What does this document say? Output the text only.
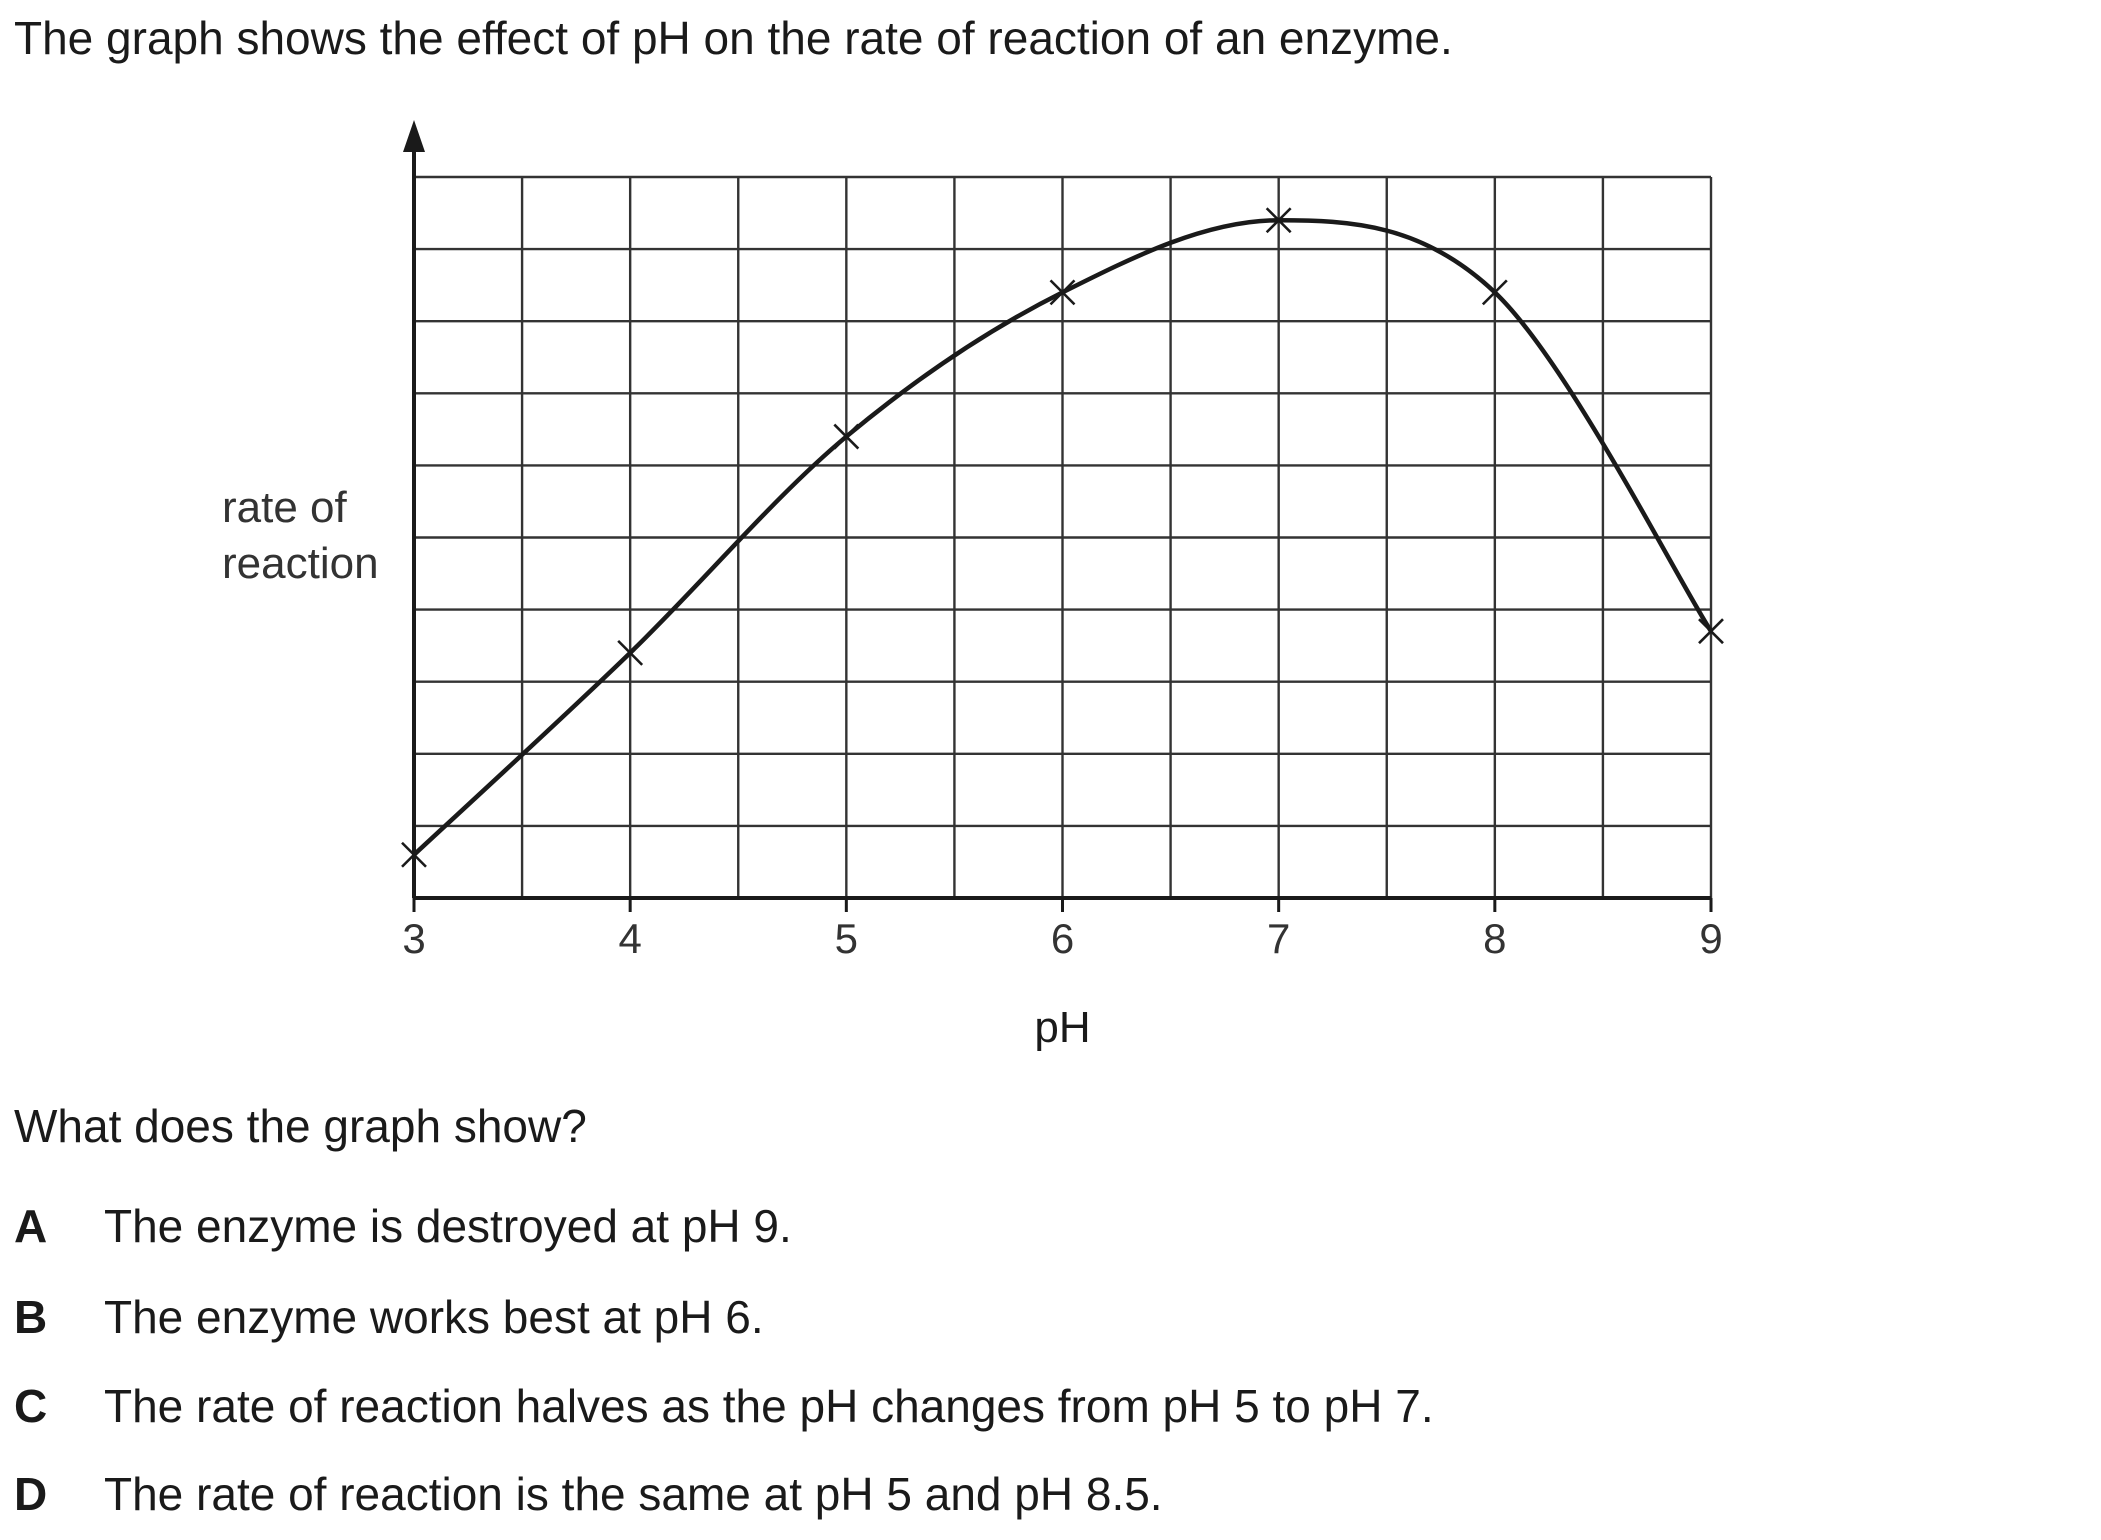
The graph shows the effect of pH on the rate of reaction of an enzyme.
3	4	5	6	7	8	9
pH
rate of reaction

What does the graph show?

A The enzyme is destroyed at pH 9.
B The enzyme works best at pH 6.
C The rate of reaction halves as the pH changes from pH 5 to pH 7.
D The rate of reaction is the same at pH 5 and pH 8.5.
